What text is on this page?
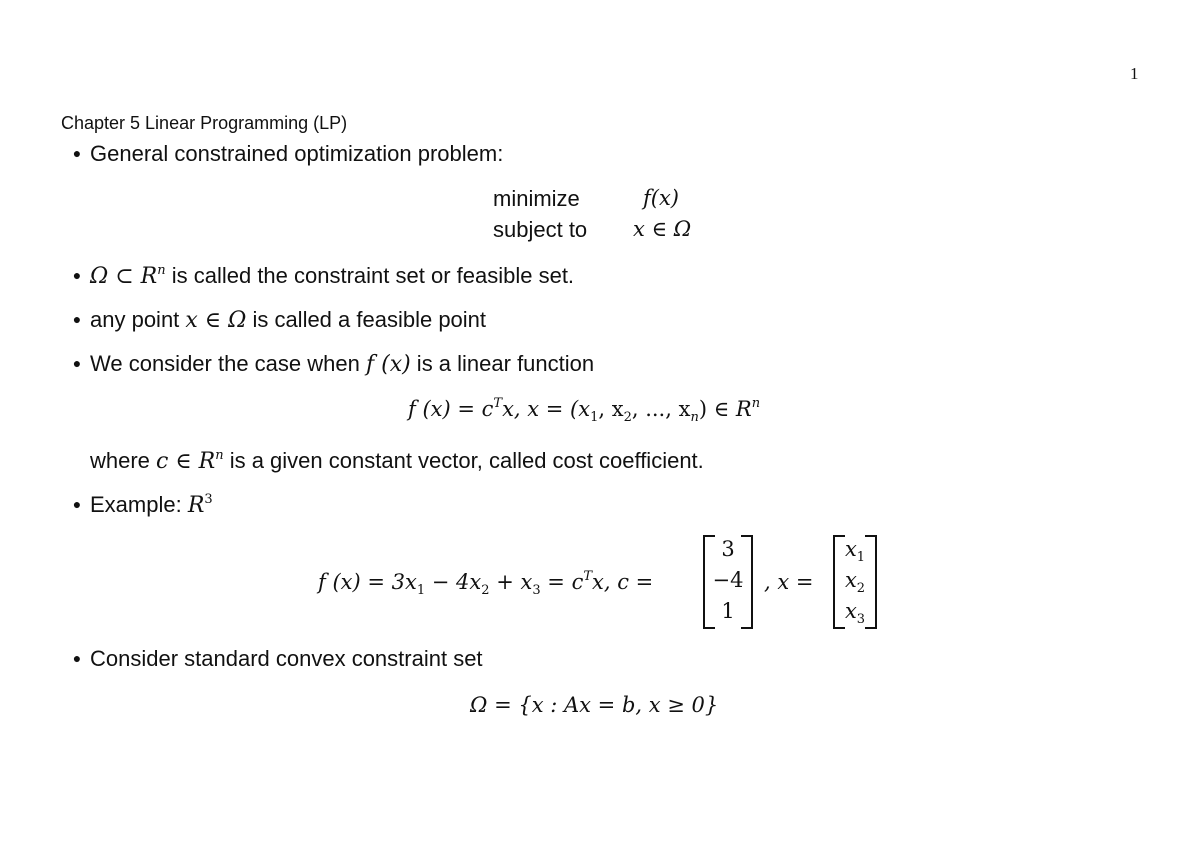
1
Chapter 5 Linear Programming (LP)
● General constrained optimization problem:
minimize	f(x)
subject to x ∈ Ω
● Ω ⊂ $R^n$ is called the constraint set or feasible set.
● any point x ∈ Ω is called a feasible point
● We consider the case when f (x) is a linear function
f $(x) = c^Tx$, $x = (x_1$, $x_2$, ..., $x_n$) ∈ $R^n$
where c ∈ $R^n$ is a given constant vector, called cost coefficient.
● Example: $R^3$
f $(x) = 3x_1 - 4x_2 + x_3 = c^Tx$, c =
3
−4
1
, x =
$x_1$
$x_2$
$x_3$
● Consider standard convex constraint set
Ω = {x : Ax = b, x ≥ 0}
